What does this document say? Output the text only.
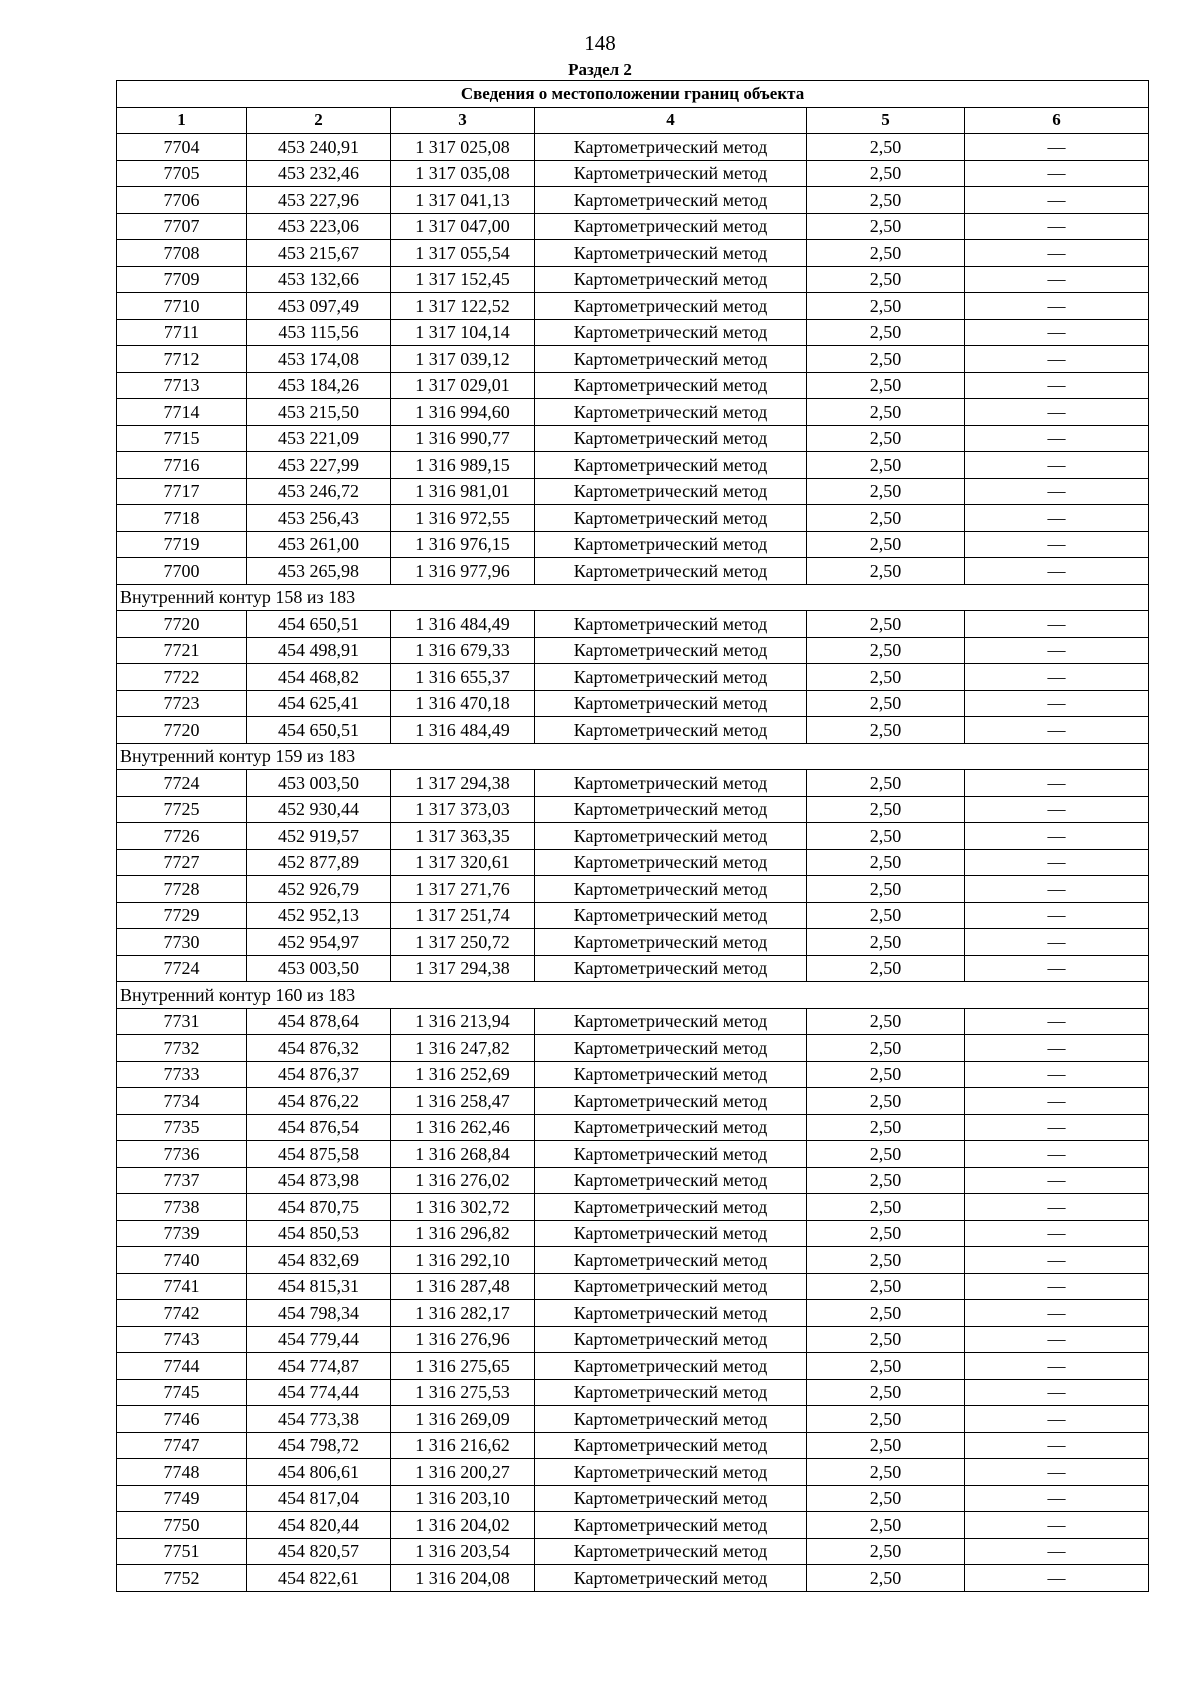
148
Раздел 2
Сведения о местоположении границ объекта					
1	2	3	4	5	6
7704	453 240,91	1 317 025,08	Картометрический метод	2,50	—
7705	453 232,46	1 317 035,08	Картометрический метод	2,50	—
7706	453 227,96	1 317 041,13	Картометрический метод	2,50	—
7707	453 223,06	1 317 047,00	Картометрический метод	2,50	—
7708	453 215,67	1 317 055,54	Картометрический метод	2,50	—
7709	453 132,66	1 317 152,45	Картометрический метод	2,50	—
7710	453 097,49	1 317 122,52	Картометрический метод	2,50	—
7711	453 115,56	1 317 104,14	Картометрический метод	2,50	—
7712	453 174,08	1 317 039,12	Картометрический метод	2,50	—
7713	453 184,26	1 317 029,01	Картометрический метод	2,50	—
7714	453 215,50	1 316 994,60	Картометрический метод	2,50	—
7715	453 221,09	1 316 990,77	Картометрический метод	2,50	—
7716	453 227,99	1 316 989,15	Картометрический метод	2,50	—
7717	453 246,72	1 316 981,01	Картометрический метод	2,50	—
7718	453 256,43	1 316 972,55	Картометрический метод	2,50	—
7719	453 261,00	1 316 976,15	Картометрический метод	2,50	—
7700	453 265,98	1 316 977,96	Картометрический метод	2,50	—
Внутренний контур 158 из 183					
7720	454 650,51	1 316 484,49	Картометрический метод	2,50	—
7721	454 498,91	1 316 679,33	Картометрический метод	2,50	—
7722	454 468,82	1 316 655,37	Картометрический метод	2,50	—
7723	454 625,41	1 316 470,18	Картометрический метод	2,50	—
7720	454 650,51	1 316 484,49	Картометрический метод	2,50	—
Внутренний контур 159 из 183					
7724	453 003,50	1 317 294,38	Картометрический метод	2,50	—
7725	452 930,44	1 317 373,03	Картометрический метод	2,50	—
7726	452 919,57	1 317 363,35	Картометрический метод	2,50	—
7727	452 877,89	1 317 320,61	Картометрический метод	2,50	—
7728	452 926,79	1 317 271,76	Картометрический метод	2,50	—
7729	452 952,13	1 317 251,74	Картометрический метод	2,50	—
7730	452 954,97	1 317 250,72	Картометрический метод	2,50	—
7724	453 003,50	1 317 294,38	Картометрический метод	2,50	—
Внутренний контур 160 из 183					
7731	454 878,64	1 316 213,94	Картометрический метод	2,50	—
7732	454 876,32	1 316 247,82	Картометрический метод	2,50	—
7733	454 876,37	1 316 252,69	Картометрический метод	2,50	—
7734	454 876,22	1 316 258,47	Картометрический метод	2,50	—
7735	454 876,54	1 316 262,46	Картометрический метод	2,50	—
7736	454 875,58	1 316 268,84	Картометрический метод	2,50	—
7737	454 873,98	1 316 276,02	Картометрический метод	2,50	—
7738	454 870,75	1 316 302,72	Картометрический метод	2,50	—
7739	454 850,53	1 316 296,82	Картометрический метод	2,50	—
7740	454 832,69	1 316 292,10	Картометрический метод	2,50	—
7741	454 815,31	1 316 287,48	Картометрический метод	2,50	—
7742	454 798,34	1 316 282,17	Картометрический метод	2,50	—
7743	454 779,44	1 316 276,96	Картометрический метод	2,50	—
7744	454 774,87	1 316 275,65	Картометрический метод	2,50	—
7745	454 774,44	1 316 275,53	Картометрический метод	2,50	—
7746	454 773,38	1 316 269,09	Картометрический метод	2,50	—
7747	454 798,72	1 316 216,62	Картометрический метод	2,50	—
7748	454 806,61	1 316 200,27	Картометрический метод	2,50	—
7749	454 817,04	1 316 203,10	Картометрический метод	2,50	—
7750	454 820,44	1 316 204,02	Картометрический метод	2,50	—
7751	454 820,57	1 316 203,54	Картометрический метод	2,50	—
7752	454 822,61	1 316 204,08	Картометрический метод	2,50	—
